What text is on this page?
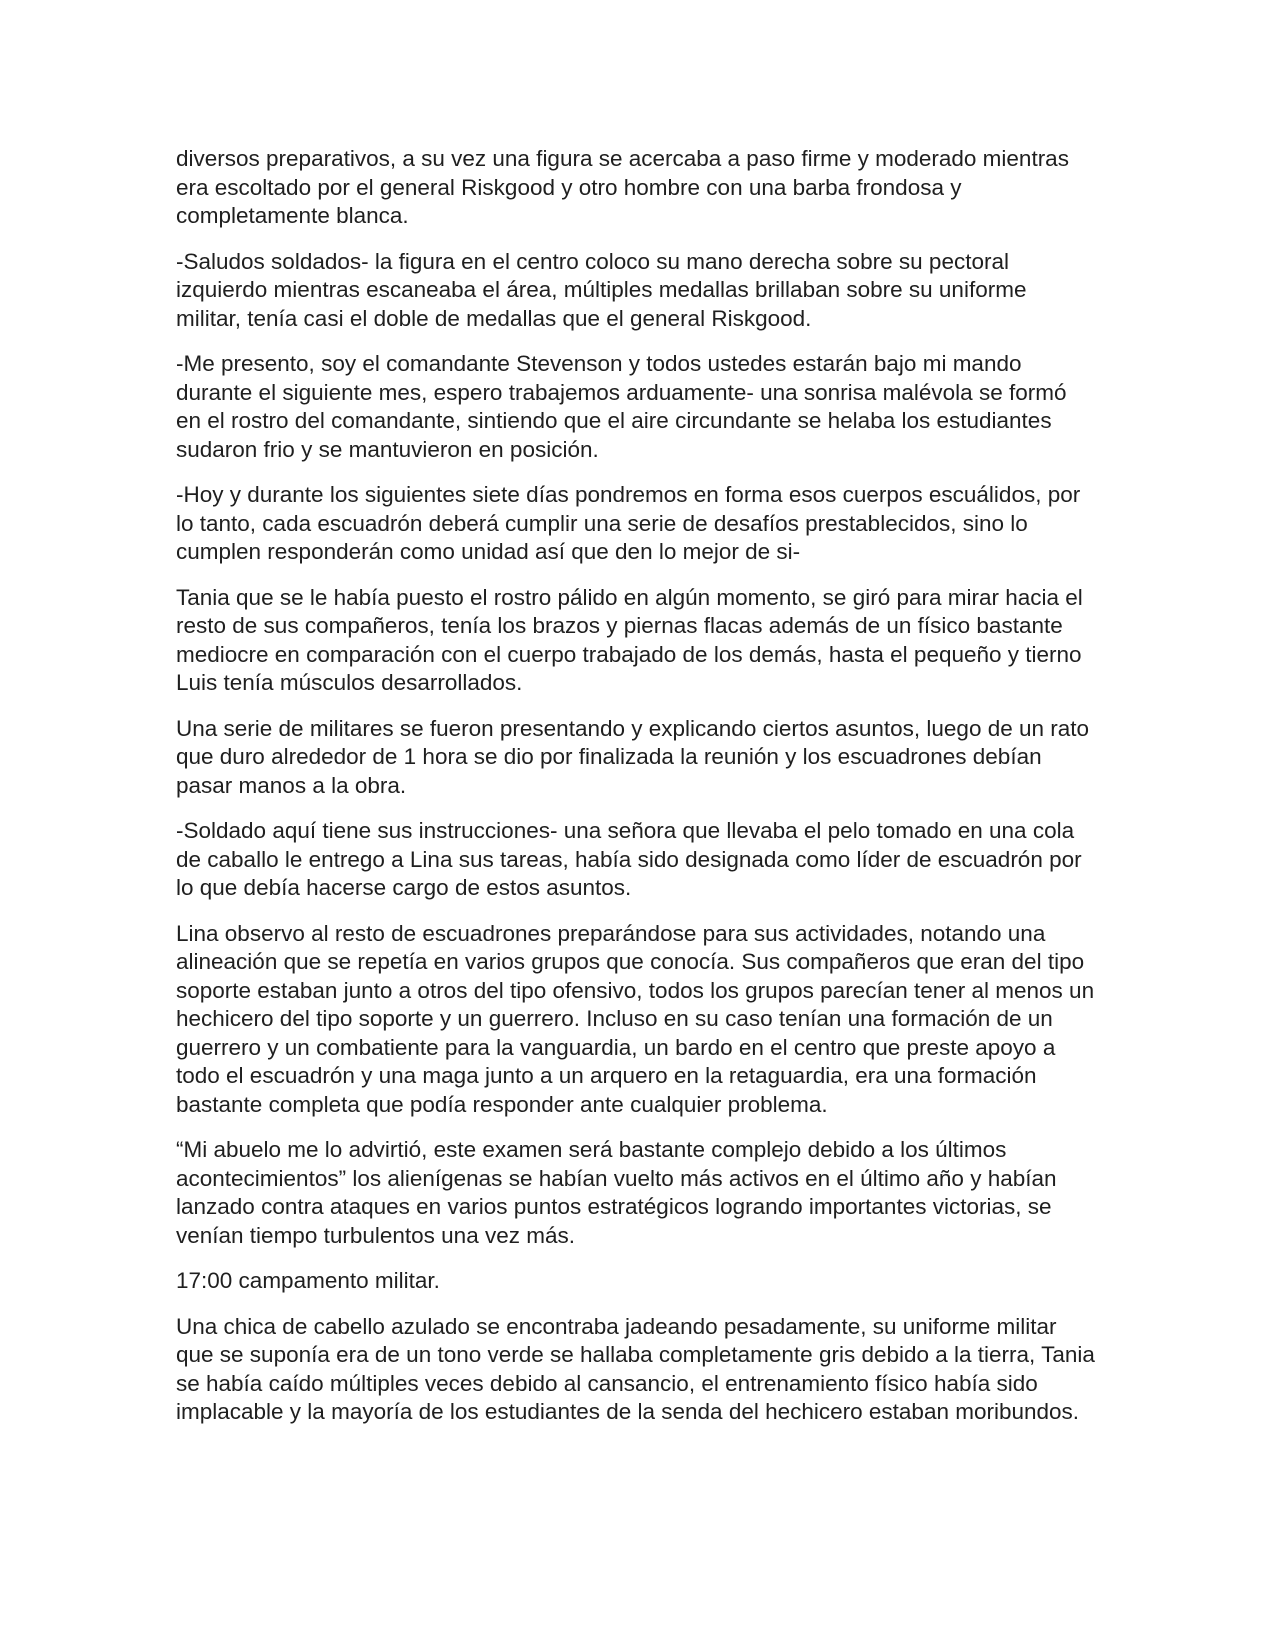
diversos preparativos, a su vez una figura se acercaba a paso firme y moderado mientras era escoltado por el general Riskgood y otro hombre con una barba frondosa y completamente blanca.

-Saludos soldados- la figura en el centro coloco su mano derecha sobre su pectoral izquierdo mientras escaneaba el área, múltiples medallas brillaban sobre su uniforme militar, tenía casi el doble de medallas que el general Riskgood.

-Me presento, soy el comandante Stevenson y todos ustedes estarán bajo mi mando durante el siguiente mes, espero trabajemos arduamente- una sonrisa malévola se formó en el rostro del comandante, sintiendo que el aire circundante se helaba los estudiantes sudaron frio y se mantuvieron en posición.

-Hoy y durante los siguientes siete días pondremos en forma esos cuerpos escuálidos, por lo tanto, cada escuadrón deberá cumplir una serie de desafíos prestablecidos, sino lo cumplen responderán como unidad así que den lo mejor de si-

Tania que se le había puesto el rostro pálido en algún momento, se giró para mirar hacia el resto de sus compañeros, tenía los brazos y piernas flacas además de un físico bastante mediocre en comparación con el cuerpo trabajado de los demás, hasta el pequeño y tierno Luis tenía músculos desarrollados.

Una serie de militares se fueron presentando y explicando ciertos asuntos, luego de un rato que duro alrededor de 1 hora se dio por finalizada la reunión y los escuadrones debían pasar manos a la obra.

-Soldado aquí tiene sus instrucciones- una señora que llevaba el pelo tomado en una cola de caballo le entrego a Lina sus tareas, había sido designada como líder de escuadrón por lo que debía hacerse cargo de estos asuntos.

Lina observo al resto de escuadrones preparándose para sus actividades, notando una alineación que se repetía en varios grupos que conocía. Sus compañeros que eran del tipo soporte estaban junto a otros del tipo ofensivo, todos los grupos parecían tener al menos un hechicero del tipo soporte y un guerrero. Incluso en su caso tenían una formación de un guerrero y un combatiente para la vanguardia, un bardo en el centro que preste apoyo a todo el escuadrón y una maga junto a un arquero en la retaguardia, era una formación bastante completa que podía responder ante cualquier problema.

“Mi abuelo me lo advirtió, este examen será bastante complejo debido a los últimos acontecimientos” los alienígenas se habían vuelto más activos en el último año y habían lanzado contra ataques en varios puntos estratégicos logrando importantes victorias, se venían tiempo turbulentos una vez más.

17:00 campamento militar.

Una chica de cabello azulado se encontraba jadeando pesadamente, su uniforme militar que se suponía era de un tono verde se hallaba completamente gris debido a la tierra, Tania se había caído múltiples veces debido al cansancio, el entrenamiento físico había sido implacable y la mayoría de los estudiantes de la senda del hechicero estaban moribundos.
